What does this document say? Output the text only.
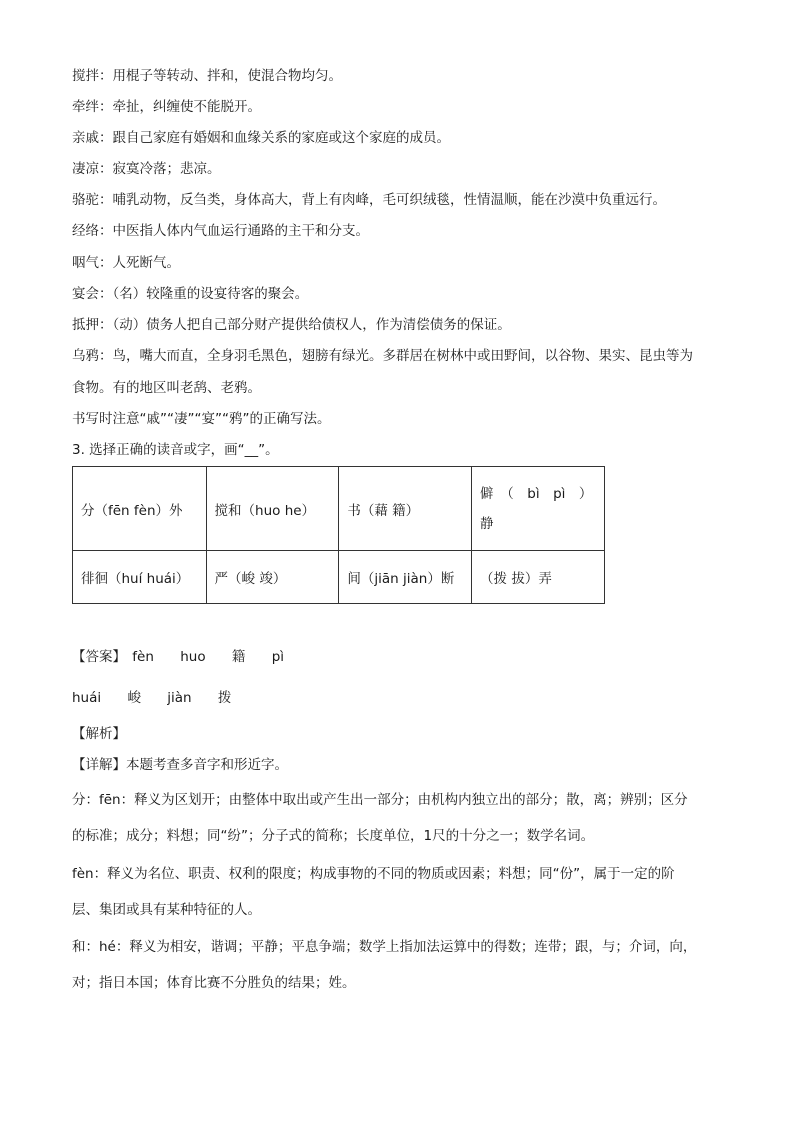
搅拌：用棍子等转动、拌和，使混合物均匀。
牵绊：牵扯，纠缠使不能脱开。
亲戚：跟自己家庭有婚姻和血缘关系的家庭或这个家庭的成员。
凄凉：寂寞冷落；悲凉。
骆驼：哺乳动物，反刍类，身体高大，背上有肉峰，毛可织绒毯，性情温顺，能在沙漠中负重远行。
经络：中医指人体内气血运行通路的主干和分支。
咽气：人死断气。
宴会：（名）较隆重的设宴待客的聚会。
抵押：（动）债务人把自己部分财产提供给债权人，作为清偿债务的保证。
乌鸦：鸟，嘴大而直，全身羽毛黑色，翅膀有绿光。多群居在树林中或田野间，以谷物、果实、昆虫等为
食物。有的地区叫老鸹、老鸦。
书写时注意“戚”“凄”“宴”“鸦”的正确写法。
3. 选择正确的读音或字，画“__”。
分（fēn fèn）外	搅和（huo he）	书（藉 籍）	僻　（　bì　pì　）
静

徘徊（huí huái）	严（峻 竣）	间（jiān jiàn）断	（拨 拔）弄
【答案】 fèn huo 籍 pì
huái 峻 jiàn 拨
【解析】
【详解】本题考查多音字和形近字。
分：fēn：释义为区划开；由整体中取出或产生出一部分；由机构内独立出的部分；散，离；辨别；区分
的标准；成分；料想；同“纷”；分子式的简称；长度单位，1尺的十分之一；数学名词。
fèn：释义为名位、职责、权利的限度；构成事物的不同的物质或因素；料想；同“份”，属于一定的阶
层、集团或具有某种特征的人。
和：hé：释义为相安，谐调；平静；平息争端；数学上指加法运算中的得数；连带；跟，与；介词，向，
对；指日本国；体育比赛不分胜负的结果；姓。
